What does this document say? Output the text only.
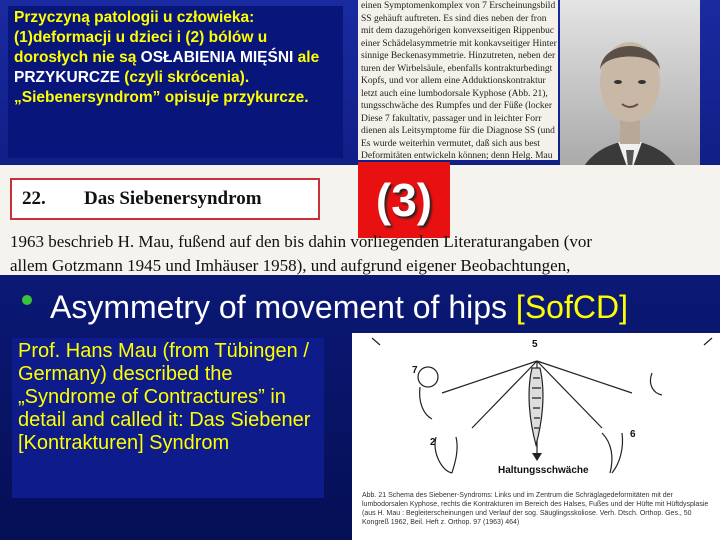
Przyczyną patologii u człowieka: (1)deformacji u dzieci i (2) bólów u dorosłych nie są OSŁABIENIA MIĘŚNI ale PRZYKURCZE (czyli skrócenia). „Siebenersyndrom” opisuje przykurcze.

einen Symptomenkomplex von 7 Erscheinungsbild
SS gehäuft auftreten. Es sind dies neben der fron
mit dem dazugehörigen konvexseitigen Rippenbuc
einer Schädelasymmetrie mit konkavseitiger Hinter
sinnige Beckenasymmetrie. Hinzutreten, neben der
turen der Wirbelsäule, ebenfalls kontrakturbedingt
Kopfs, und vor allem eine Adduktionskontraktur
letzt auch eine lumbodorsale Kyphose (Abb. 21),
tungsschwäche des Rumpfes und der Füße (locker
Diese 7 fakultativ, passager und in leichter Forr
dienen als Leitsymptome für die Diagnose SS (und
Es wurde weiterhin vermutet, daß sich aus best
Deformitäten entwickeln können; denn Helg. Mau
22. Das Siebenersyndrom	(3)
1963 beschrieb H. Mau, fußend auf den bis dahin vorliegenden Literaturangaben (vor
allem Gotzmann 1945 und Imhäuser 1958), und aufgrund eigener Beobachtungen,
Asymmetry of movement of hips [SofCD]

Prof. Hans Mau (from Tübingen / Germany) described the „Syndrome of Contractures” in detail and called it: Das Siebener [Kontrakturen] Syndrom

5
7
2
6
Haltungsschwäche
Abb. 21 Schema des Siebener-Syndroms: Links und im Zentrum die Schräglagedeformitäten mit der lumbodorsalen Kyphose, rechts die Kontrakturen im Bereich des Halses, Fußes und der Hüfte mit Hüftdysplasie (aus H. Mau : Begleiterscheinungen und Verlauf der sog. Säuglingsskoliose. Verh. Dtsch. Orthop. Ges., 50 Kongreß 1962, Beil. Heft z. Orthop. 97 (1963) 464)
